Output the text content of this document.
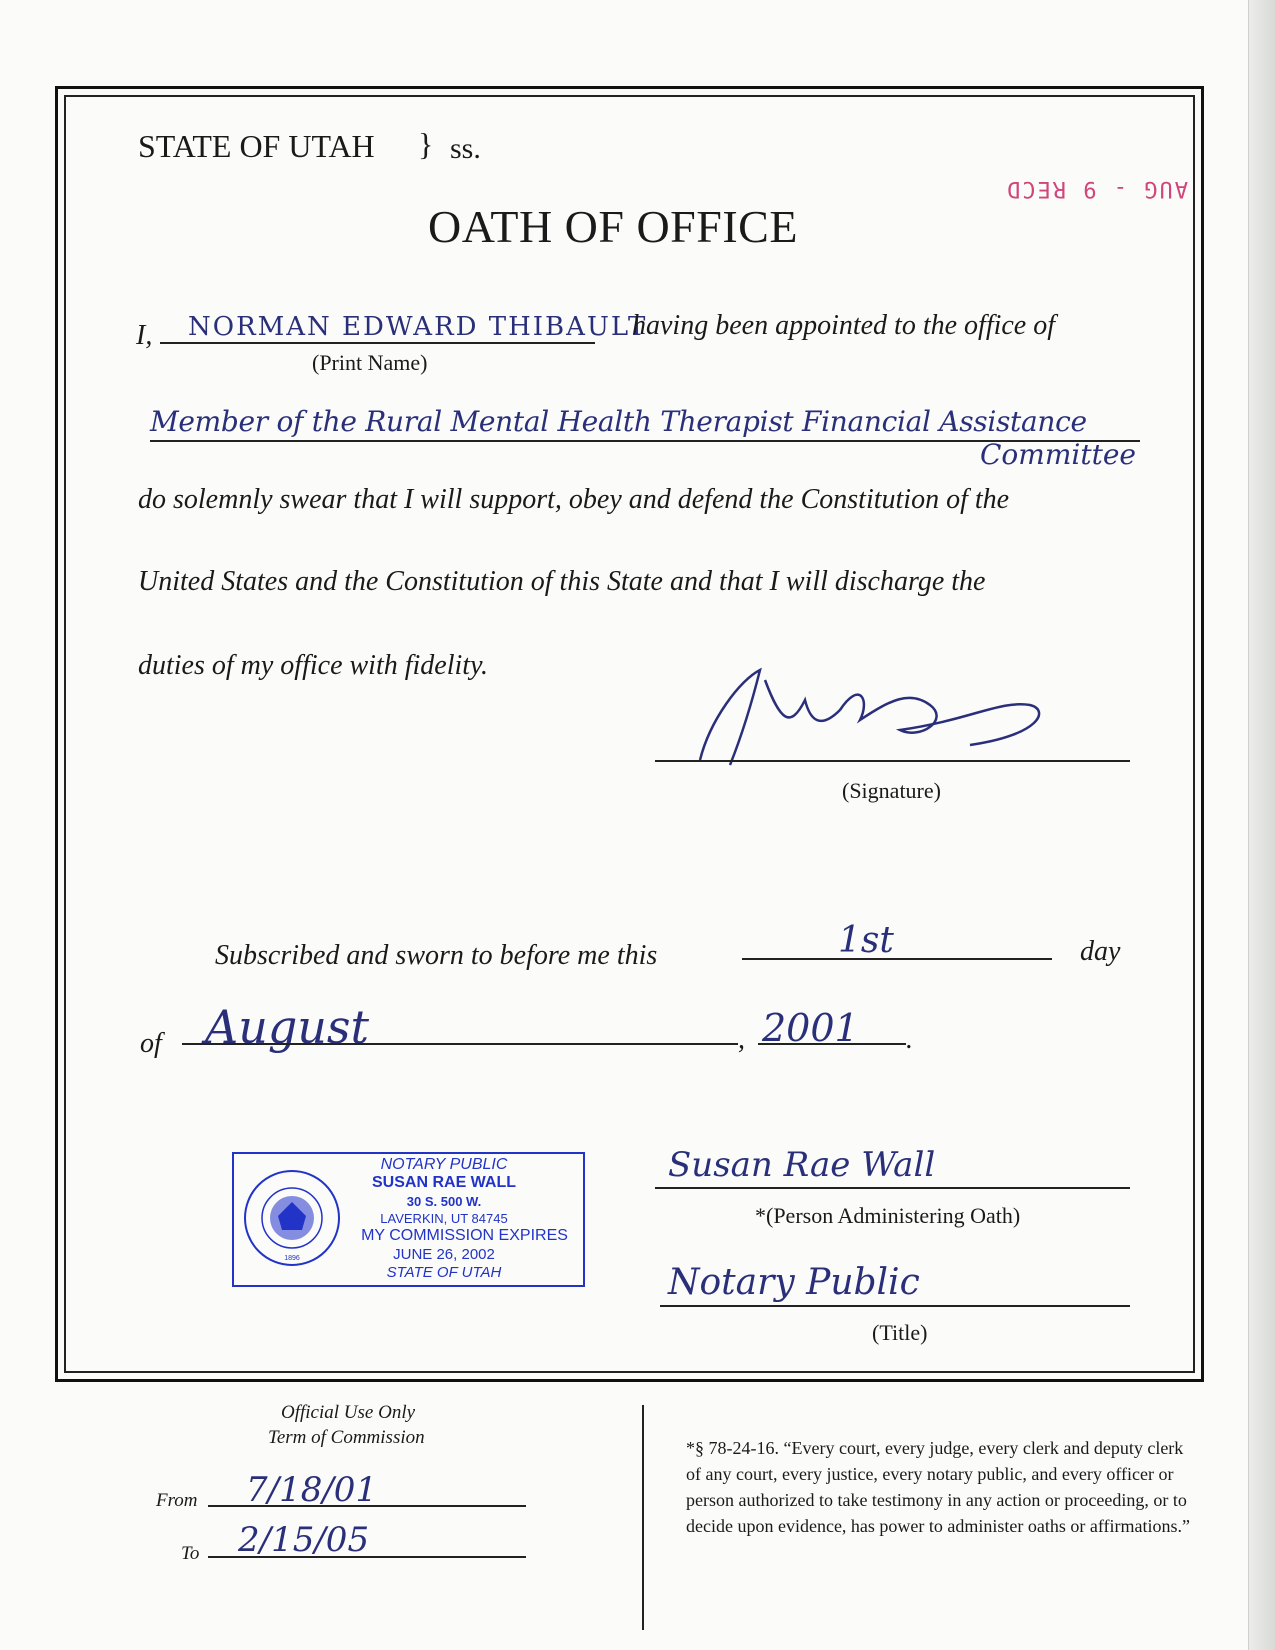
STATE OF UTAH } ss.
AUG - 9 RECD
OATH OF OFFICE
I, NORMAN EDWARD THIBAULT
(Print Name)
having been appointed to the office of
Member of the Rural Mental Health Therapist Financial Assistance
Committee
do solemnly swear that I will support, obey and defend the Constitution of the
United States and the Constitution of this State and that I will discharge the
duties of my office with fidelity.
(Signature)
Subscribed and sworn to before me this	1st	day
of August	, 2001 .
1896
NOTARY PUBLIC
SUSAN RAE WALL
30 S. 500 W.
LAVERKIN, UT 84745
MY COMMISSION EXPIRES
JUNE 26, 2002
STATE OF UTAH
Susan Rae Wall
*(Person Administering Oath)
Notary Public
(Title)
Official Use Only
Term of Commission
From 7/18/01
To 2/15/05
*§ 78-24-16. “Every court, every judge, every clerk and deputy clerk of any court, every justice, every notary public, and every officer or person authorized to take testimony in any action or proceeding, or to decide upon evidence, has power to administer oaths or affirmations.”
